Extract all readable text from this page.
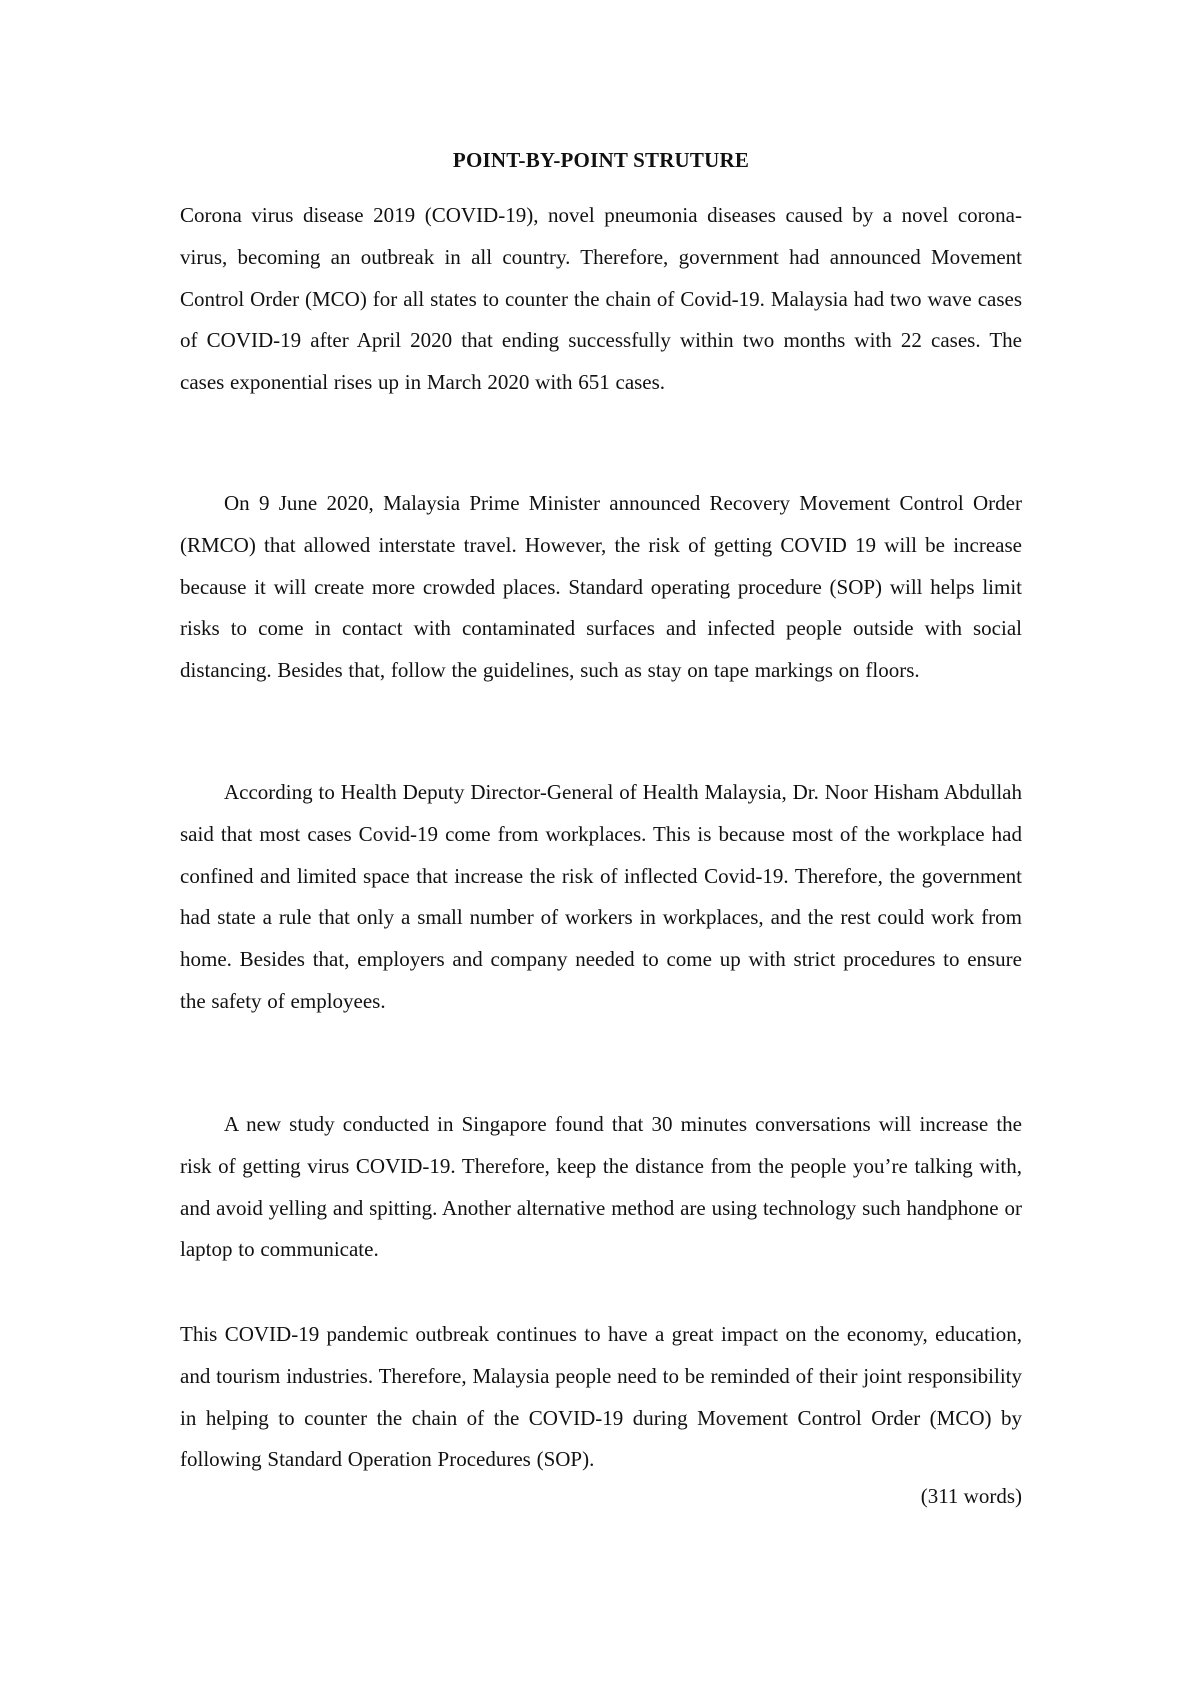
POINT-BY-POINT STRUTURE

Corona virus disease 2019 (COVID-19), novel pneumonia diseases caused by a novel corona-virus, becoming an outbreak in all country. Therefore, government had announced Movement Control Order (MCO) for all states to counter the chain of Covid-19. Malaysia had two wave cases of COVID-19 after April 2020 that ending successfully within two months with 22 cases. The cases exponential rises up in March 2020 with 651 cases.

On 9 June 2020, Malaysia Prime Minister announced Recovery Movement Control Order (RMCO) that allowed interstate travel. However, the risk of getting COVID 19 will be increase because it will create more crowded places. Standard operating procedure (SOP) will helps limit risks to come in contact with contaminated surfaces and infected people outside with social distancing. Besides that, follow the guidelines, such as stay on tape markings on floors.

According to Health Deputy Director-General of Health Malaysia, Dr. Noor Hisham Abdullah said that most cases Covid-19 come from workplaces. This is because most of the workplace had confined and limited space that increase the risk of inflected Covid-19. Therefore, the government had state a rule that only a small number of workers in workplaces, and the rest could work from home. Besides that, employers and company needed to come up with strict procedures to ensure the safety of employees.

A new study conducted in Singapore found that 30 minutes conversations will increase the risk of getting virus COVID-19. Therefore, keep the distance from the people you’re talking with, and avoid yelling and spitting. Another alternative method are using technology such handphone or laptop to communicate.

This COVID-19 pandemic outbreak continues to have a great impact on the economy, education, and tourism industries. Therefore, Malaysia people need to be reminded of their joint responsibility in helping to counter the chain of the COVID-19 during Movement Control Order (MCO) by following Standard Operation Procedures (SOP).

(311 words)
